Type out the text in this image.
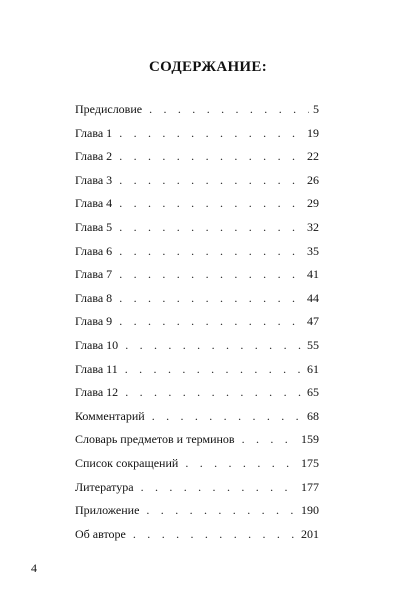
СОДЕРЖАНИЕ:
Предисловие . . .	5
Глава 1 . . .	19
Глава 2 . . .	22
Глава 3 . . .	26
Глава 4 . . .	29
Глава 5 . . .	32
Глава 6 . . .	35
Глава 7 . . .	41
Глава 8 . . .	44
Глава 9 . . .	47
Глава 10 . . .	55
Глава 11 . . .	61
Глава 12 . . .	65
Комментарий . . .	68
Словарь предметов и терминов . . .	159
Список сокращений . . .	175
Литература . . .	177
Приложение . . .	190
Об авторе . . .	201
4
